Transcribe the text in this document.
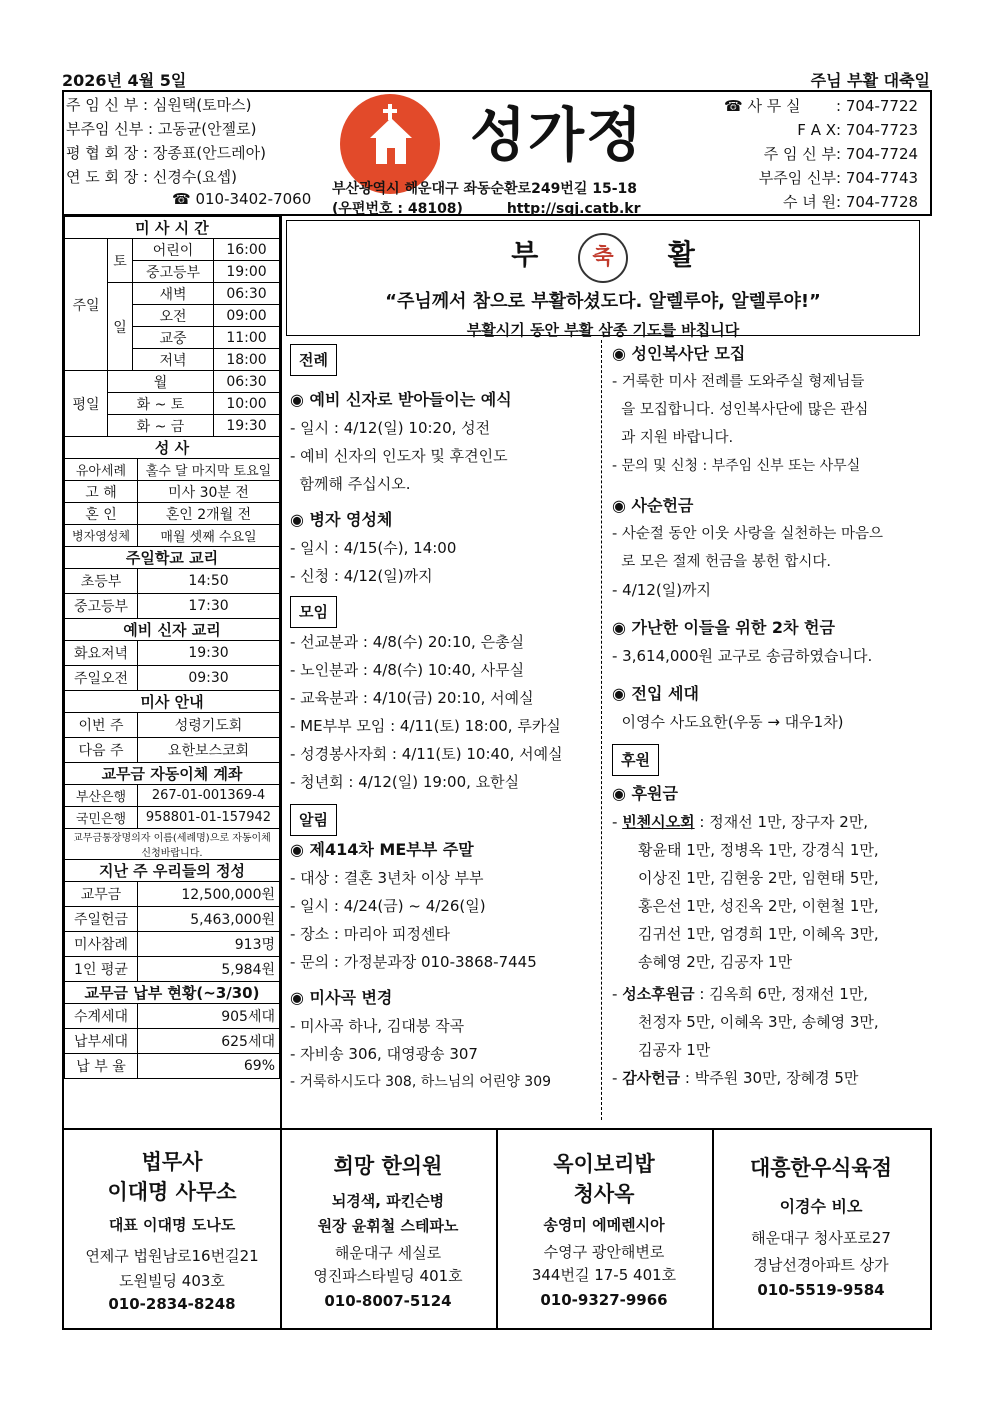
2026년 4월 5일	주님 부활 대축일
주 임 신 부 : 심원택(토마스)
부주임 신부 : 고동균(안젤로)
평 협 회 장 : 장종표(안드레아)
연 도 회 장 : 신경수(요셉)
☎ 010-3402-7060
성가정
부산광역시 해운대구 좌동순환로249번길 15-18
(우편번호 : 48108)	http://sgj.catb.kr
☎ 사 무 실 : 704-7722
F A X: 704-7723
주 임 신 부: 704-7724
부주임 신부: 704-7743
수 녀 원: 704-7728
미 사 시 간			
주일	토	어린이	16:00
		중고등부	19:00
	일	새벽	06:30
		오전	09:00
		교중	11:00
		저녁	18:00
평일	월		06:30
	화 ~ 토		10:00
	화 ~ 금		19:30
성 사	
유아세례	홀수 달 마지막 토요일
고 해	미사 30분 전
혼 인	혼인 2개월 전
병자영성체	매월 셋째 수요일
주일학교 교리	
초등부	14:50
중고등부	17:30
예비 신자 교리	
화요저녁	19:30
주일오전	09:30
미사 안내	
이번 주	성령기도회
다음 주	요한보스코회
교무금 자동이체 계좌	
부산은행	267-01-001369-4
국민은행	958801-01-157942
교무금통장명의자 이름(세례명)으로 자동이체 신청바랍니다.	
지난 주 우리들의 정성	
교무금	12,500,000원
주일헌금	5,463,000원
미사참례	913명
1인 평균	5,984원
교무금 납부 현황(~3/30)	
수계세대	905세대
납부세대	625세대
납 부 율	69%
부 축 활
“주님께서 참으로 부활하셨도다. 알렐루야, 알렐루야!”
부활시기 동안 부활 삼종 기도를 바칩니다
전례
◉ 예비 신자로 받아들이는 예식
- 일시 : 4/12(일) 10:20, 성전
- 예비 신자의 인도자 및 후견인도
함께해 주십시오.
◉ 병자 영성체
- 일시 : 4/15(수), 14:00
- 신청 : 4/12(일)까지
모임
- 선교분과 : 4/8(수) 20:10, 은총실
- 노인분과 : 4/8(수) 10:40, 사무실
- 교육분과 : 4/10(금) 20:10, 서예실
- ME부부 모임 : 4/11(토) 18:00, 루카실
- 성경봉사자회 : 4/11(토) 10:40, 서예실
- 청년회 : 4/12(일) 19:00, 요한실
알림
◉ 제414차 ME부부 주말
- 대상 : 결혼 3년차 이상 부부
- 일시 : 4/24(금) ~ 4/26(일)
- 장소 : 마리아 피정센타
- 문의 : 가정분과장 010-3868-7445
◉ 미사곡 변경
- 미사곡 하나, 김대붕 작곡
- 자비송 306, 대영광송 307
- 거룩하시도다 308, 하느님의 어린양 309
◉ 성인복사단 모집
- 거룩한 미사 전례를 도와주실 형제님들
을 모집합니다. 성인복사단에 많은 관심
과 지원 바랍니다.
- 문의 및 신청 : 부주임 신부 또는 사무실
◉ 사순헌금
- 사순절 동안 이웃 사랑을 실천하는 마음으
로 모은 절제 헌금을 봉헌 합시다.
- 4/12(일)까지
◉ 가난한 이들을 위한 2차 헌금
- 3,614,000원 교구로 송금하였습니다.
◉ 전입 세대
이영수 사도요한(우동 → 대우1차)
후원
◉ 후원금
- 빈첸시오회 : 정재선 1만, 장구자 2만,
황윤태 1만, 정병옥 1만, 강경식 1만,
이상진 1만, 김현웅 2만, 임현태 5만,
홍은선 1만, 성진옥 2만, 이현철 1만,
김귀선 1만, 엄경희 1만, 이혜옥 3만,
송혜영 2만, 김공자 1만
- 성소후원금 : 김옥희 6만, 정재선 1만,
천정자 5만, 이혜옥 3만, 송혜영 3만,
김공자 1만
- 감사헌금 : 박주원 30만, 장혜경 5만
법무사
이대명 사무소
대표 이대명 도나도
연제구 법원남로16번길21
도원빌딩 403호
010-2834-8248
희망 한의원
뇌경색, 파킨슨병
원장 윤휘철 스테파노
해운대구 세실로
영진파스타빌딩 401호
010-8007-5124
옥이보리밥
청사옥
송영미 에메렌시아
수영구 광안해변로
344번길 17-5 401호
010-9327-9966
대흥한우식육점
이경수 비오
해운대구 청사포로27
경남선경아파트 상가
010-5519-9584
